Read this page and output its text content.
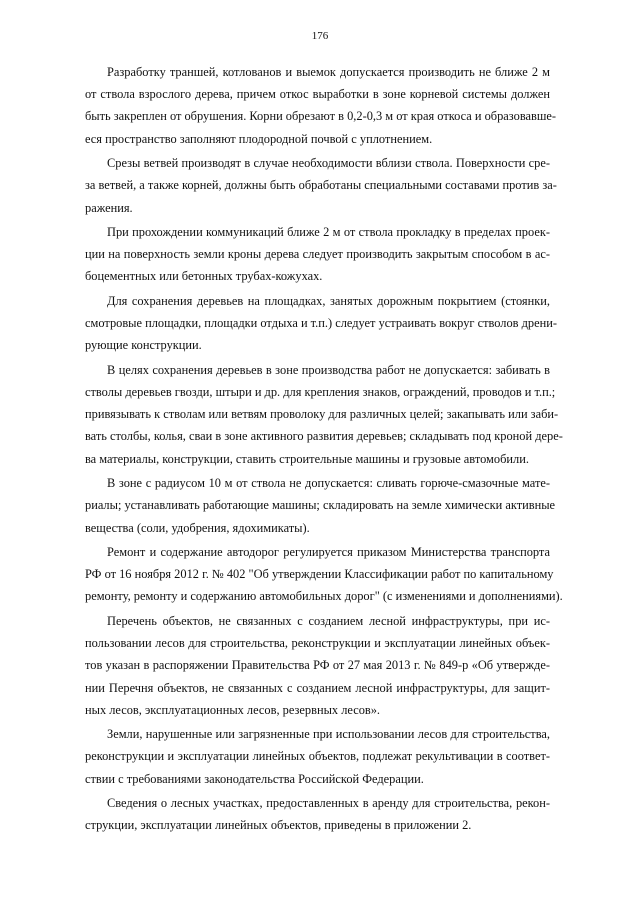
176
Разработку траншей, котлованов и выемок допускается производить не ближе 2 м
от ствола взрослого дерева, причем откос выработки в зоне корневой системы должен
быть закреплен от обрушения. Корни обрезают в 0,2-0,3 м от края откоса и образовавше-
еся пространство заполняют плодородной почвой с уплотнением.
Срезы ветвей производят в случае необходимости вблизи ствола. Поверхности сре-
за ветвей, а также корней, должны быть обработаны специальными составами против за-
ражения.
При прохождении коммуникаций ближе 2 м от ствола прокладку в пределах проек-
ции на поверхность земли кроны дерева следует производить закрытым способом в ас-
боцементных или бетонных трубах-кожухах.
Для сохранения деревьев на площадках, занятых дорожным покрытием (стоянки,
смотровые площадки, площадки отдыха и т.п.) следует устраивать вокруг стволов дрени-
рующие конструкции.
В целях сохранения деревьев в зоне производства работ не допускается: забивать в
стволы деревьев гвозди, штыри и др. для крепления знаков, ограждений, проводов и т.п.;
привязывать к стволам или ветвям проволоку для различных целей; закапывать или заби-
вать столбы, колья, сваи в зоне активного развития деревьев; складывать под кроной дере-
ва материалы, конструкции, ставить строительные машины и грузовые автомобили.
В зоне с радиусом 10 м от ствола не допускается: сливать горюче-смазочные мате-
риалы; устанавливать работающие машины; складировать на земле химически активные
вещества (соли, удобрения, ядохимикаты).
Ремонт и содержание автодорог регулируется приказом Министерства транспорта
РФ от 16 ноября 2012 г. № 402 "Об утверждении Классификации работ по капитальному
ремонту, ремонту и содержанию автомобильных дорог" (с изменениями и дополнениями).
Перечень объектов, не связанных с созданием лесной инфраструктуры, при ис-
пользовании лесов для строительства, реконструкции и эксплуатации линейных объек-
тов указан в распоряжении Правительства РФ от 27 мая 2013 г. № 849-р «Об утвержде-
нии Перечня объектов, не связанных с созданием лесной инфраструктуры, для защит-
ных лесов, эксплуатационных лесов, резервных лесов».
Земли, нарушенные или загрязненные при использовании лесов для строительства,
реконструкции и эксплуатации линейных объектов, подлежат рекультивации в соответ-
ствии с требованиями законодательства Российской Федерации.
Сведения о лесных участках, предоставленных в аренду для строительства, рекон-
струкции, эксплуатации линейных объектов, приведены в приложении 2.
